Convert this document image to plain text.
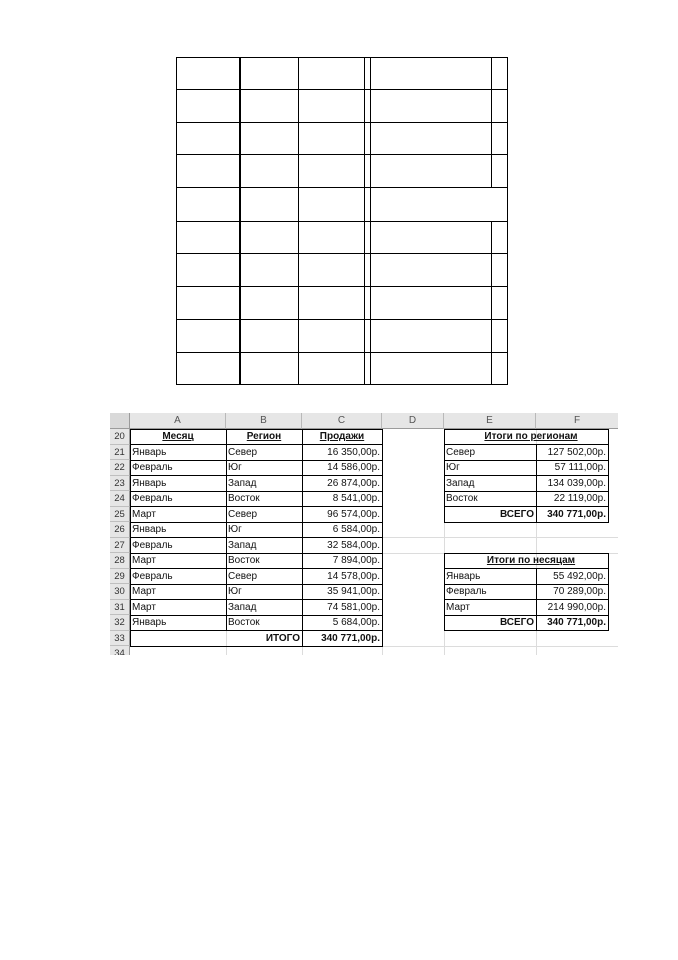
A	B	C	D	E	F
20
21
22
23
24
25
26
27
28
29
30
31
32
33
34
Месяц	Регион	Продажи
Январь	Север	16 350,00р.
Февраль	Юг	14 586,00р.
Январь	Запад	26 874,00р.
Февраль	Восток	8 541,00р.
Март	Север	96 574,00р.
Январь	Юг	6 584,00р.
Февраль	Запад	32 584,00р.
Март	Восток	7 894,00р.
Февраль	Север	14 578,00р.
Март	Юг	35 941,00р.
Март	Запад	74 581,00р.
Январь	Восток	5 684,00р.
ИТОГО	340 771,00р.
Итоги по регионам
Север	127 502,00р.
Юг	57 111,00р.
Запад	134 039,00р.
Восток	22 119,00р.
ВСЕГО	340 771,00р.
Итоги по несяцам
Январь	55 492,00р.
Февраль	70 289,00р.
Март	214 990,00р.
ВСЕГО	340 771,00р.
